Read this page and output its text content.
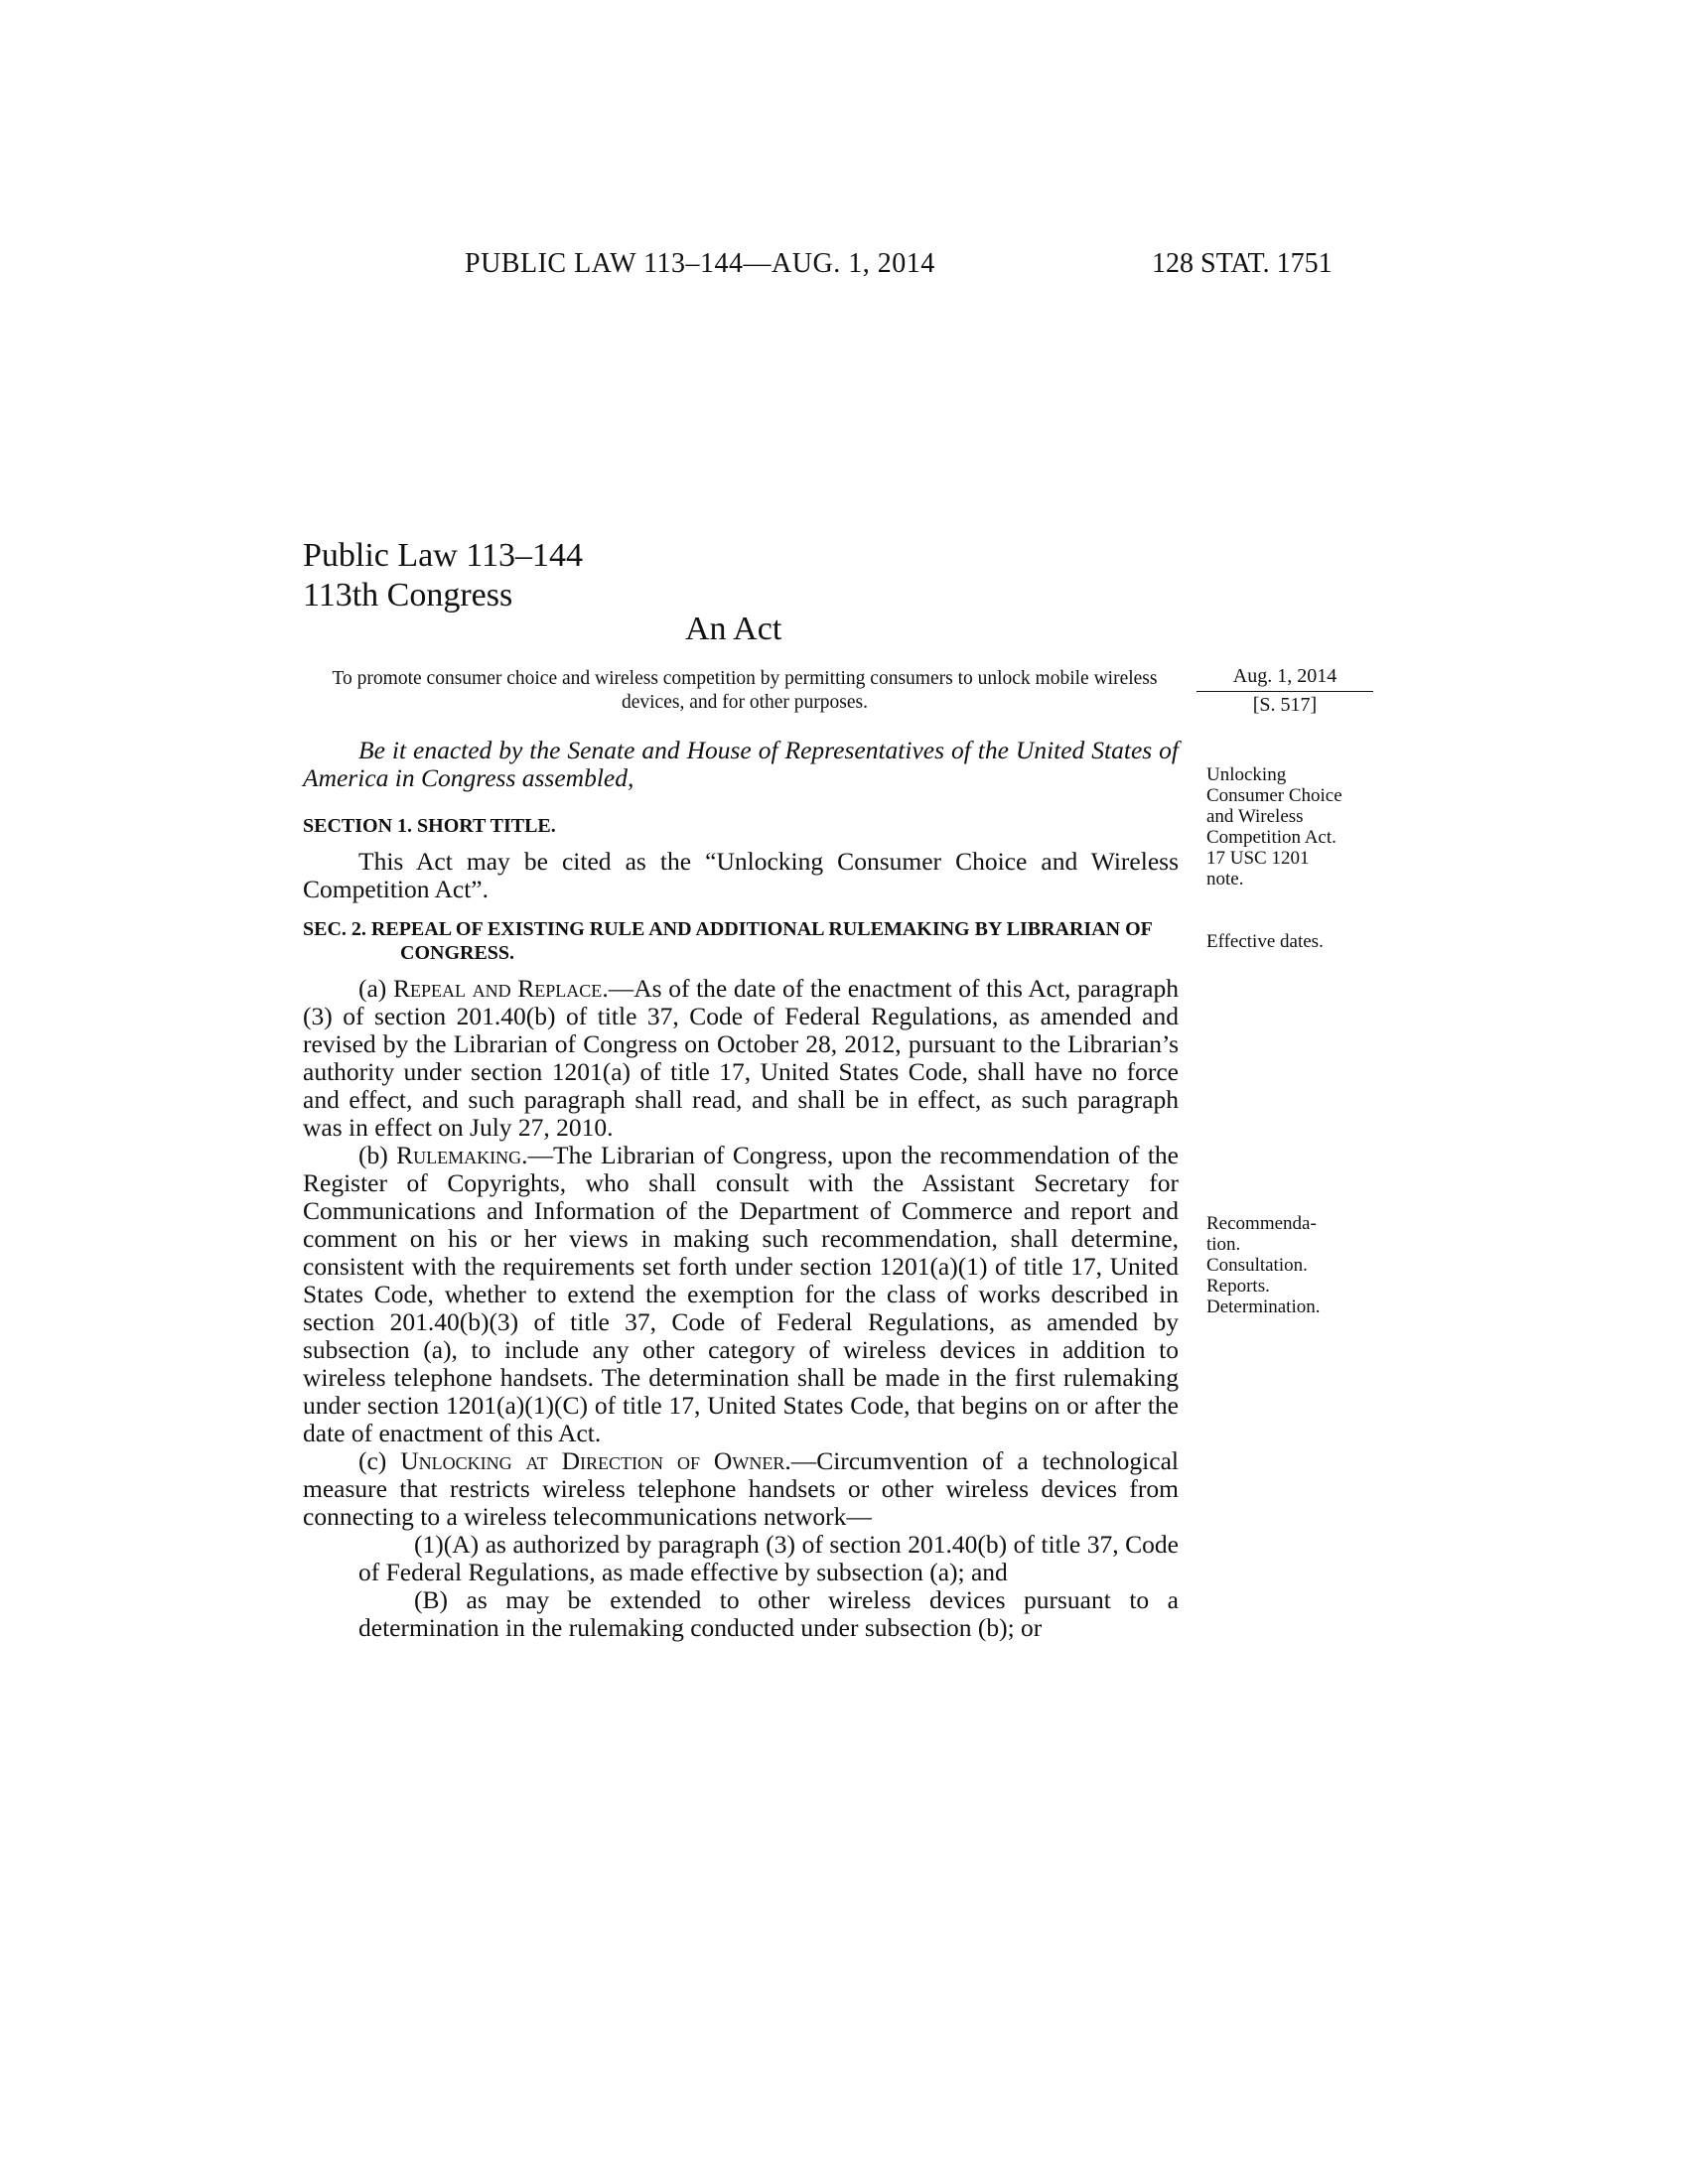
PUBLIC LAW 113–144—AUG. 1, 2014	128 STAT. 1751
Public Law 113–144
113th Congress
An Act
To promote consumer choice and wireless competition by permitting consumers to unlock mobile wireless devices, and for other purposes.
Aug. 1, 2014
[S. 517]

Be it enacted by the Senate and House of Representatives of the United States of America in Congress assembled,

SECTION 1. SHORT TITLE.

This Act may be cited as the “Unlocking Consumer Choice and Wireless Competition Act”.

SEC. 2. REPEAL OF EXISTING RULE AND ADDITIONAL RULEMAKING BY LIBRARIAN OF CONGRESS.

(a) Repeal and Replace.—As of the date of the enactment of this Act, paragraph (3) of section 201.40(b) of title 37, Code of Federal Regulations, as amended and revised by the Librarian of Congress on October 28, 2012, pursuant to the Librarian’s authority under section 1201(a) of title 17, United States Code, shall have no force and effect, and such paragraph shall read, and shall be in effect, as such paragraph was in effect on July 27, 2010.

(b) Rulemaking.—The Librarian of Congress, upon the recommendation of the Register of Copyrights, who shall consult with the Assistant Secretary for Communications and Information of the Department of Commerce and report and comment on his or her views in making such recommendation, shall determine, consistent with the requirements set forth under section 1201(a)(1) of title 17, United States Code, whether to extend the exemption for the class of works described in section 201.40(b)(3) of title 37, Code of Federal Regulations, as amended by subsection (a), to include any other category of wireless devices in addition to wireless telephone handsets. The determination shall be made in the first rulemaking under section 1201(a)(1)(C) of title 17, United States Code, that begins on or after the date of enactment of this Act.

(c) Unlocking at Direction of Owner.—Circumvention of a technological measure that restricts wireless telephone handsets or other wireless devices from connecting to a wireless telecommunications network—

(1)(A) as authorized by paragraph (3) of section 201.40(b) of title 37, Code of Federal Regulations, as made effective by subsection (a); and

(B) as may be extended to other wireless devices pursuant to a determination in the rulemaking conducted under subsection (b); or

Unlocking
Consumer Choice
and Wireless
Competition Act.
17 USC 1201
note.
Effective dates.
Recommenda-
tion.
Consultation.
Reports.
Determination.
